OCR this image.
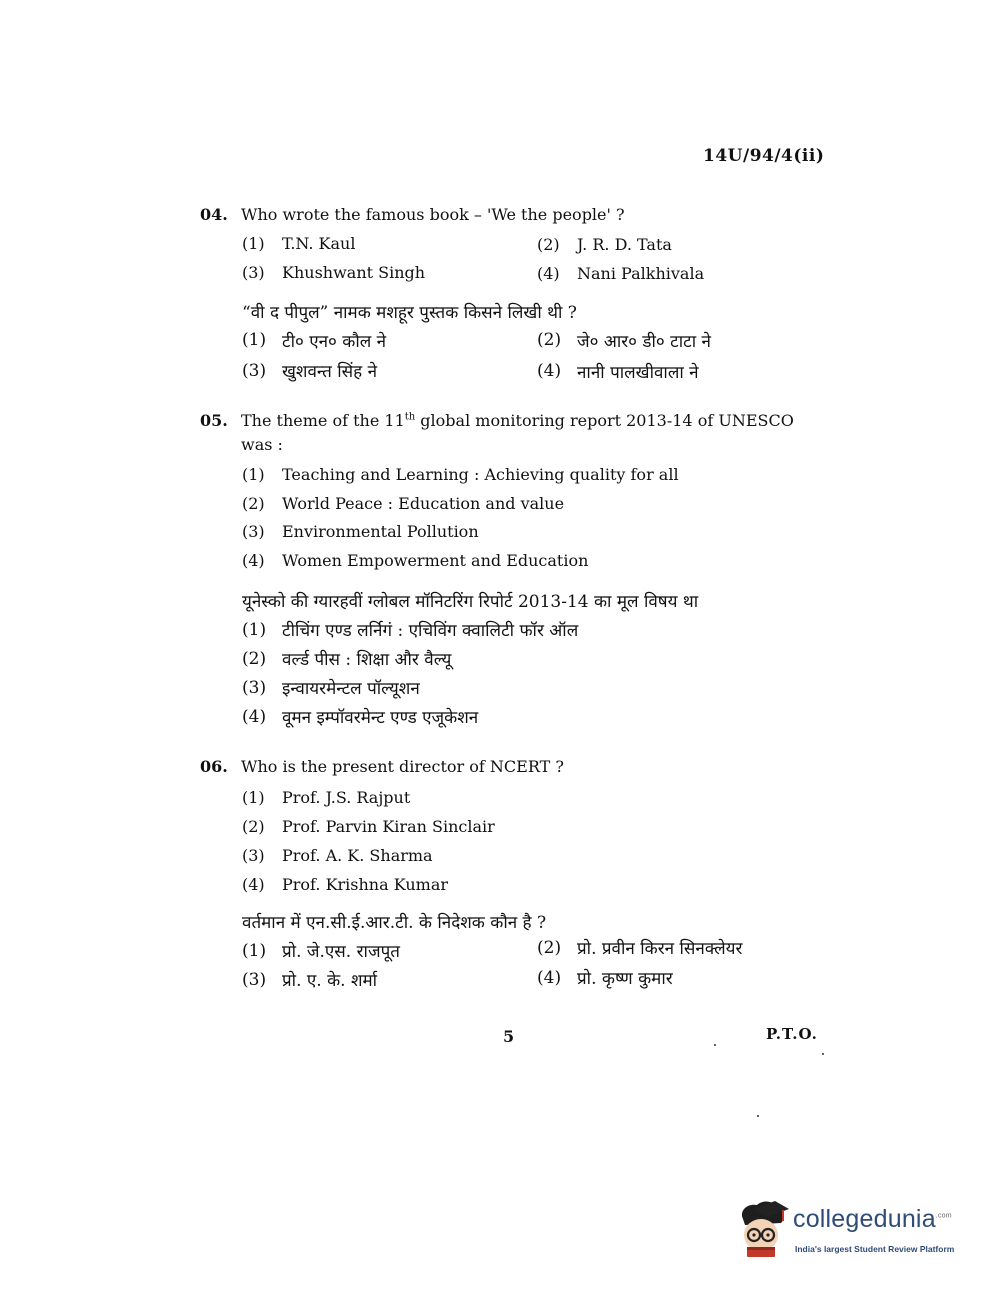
14U/94/4(ii)
04. Who wrote the famous book – 'We the people' ?
(1) T.N. Kaul	(2) J. R. D. Tata
(3) Khushwant Singh	(4) Nani Palkhivala
“वी द पीपुल” नामक मशहूर पुस्तक किसने लिखी थी ?
(1) टी० एन० कौल ने	(2) जे० आर० डी० टाटा ने
(3) खुशवन्त सिंह ने	(4) नानी पालखीवाला ने
05. The theme of the 11th global monitoring report 2013-14 of UNESCO
was :
(1) Teaching and Learning : Achieving quality for all
(2) World Peace : Education and value
(3) Environmental Pollution
(4) Women Empowerment and Education
यूनेस्को की ग्यारहवीं ग्लोबल मॉनिटरिंग रिपोर्ट 2013-14 का मूल विषय था
(1) टीचिंग एण्ड लर्निगं : एचिविंग क्वालिटी फॉर ऑल
(2) वर्ल्ड पीस : शिक्षा और वैल्यू
(3) इन्वायरमेन्टल पॉल्यूशन
(4) वूमन इम्पॉवरमेन्ट एण्ड एजूकेशन
06. Who is the present director of NCERT ?
(1) Prof. J.S. Rajput
(2) Prof. Parvin Kiran Sinclair
(3) Prof. A. K. Sharma
(4) Prof. Krishna Kumar
वर्तमान में एन.सी.ई.आर.टी. के निदेशक कौन है ?
(1) प्रो. जे.एस. राजपूत	(2) प्रो. प्रवीन किरन सिनक्लेयर
(3) प्रो. ए. के. शर्मा	(4) प्रो. कृष्ण कुमार
5	P.T.O.
collegedunia$^{.com}$
India's largest Student Review Platform
